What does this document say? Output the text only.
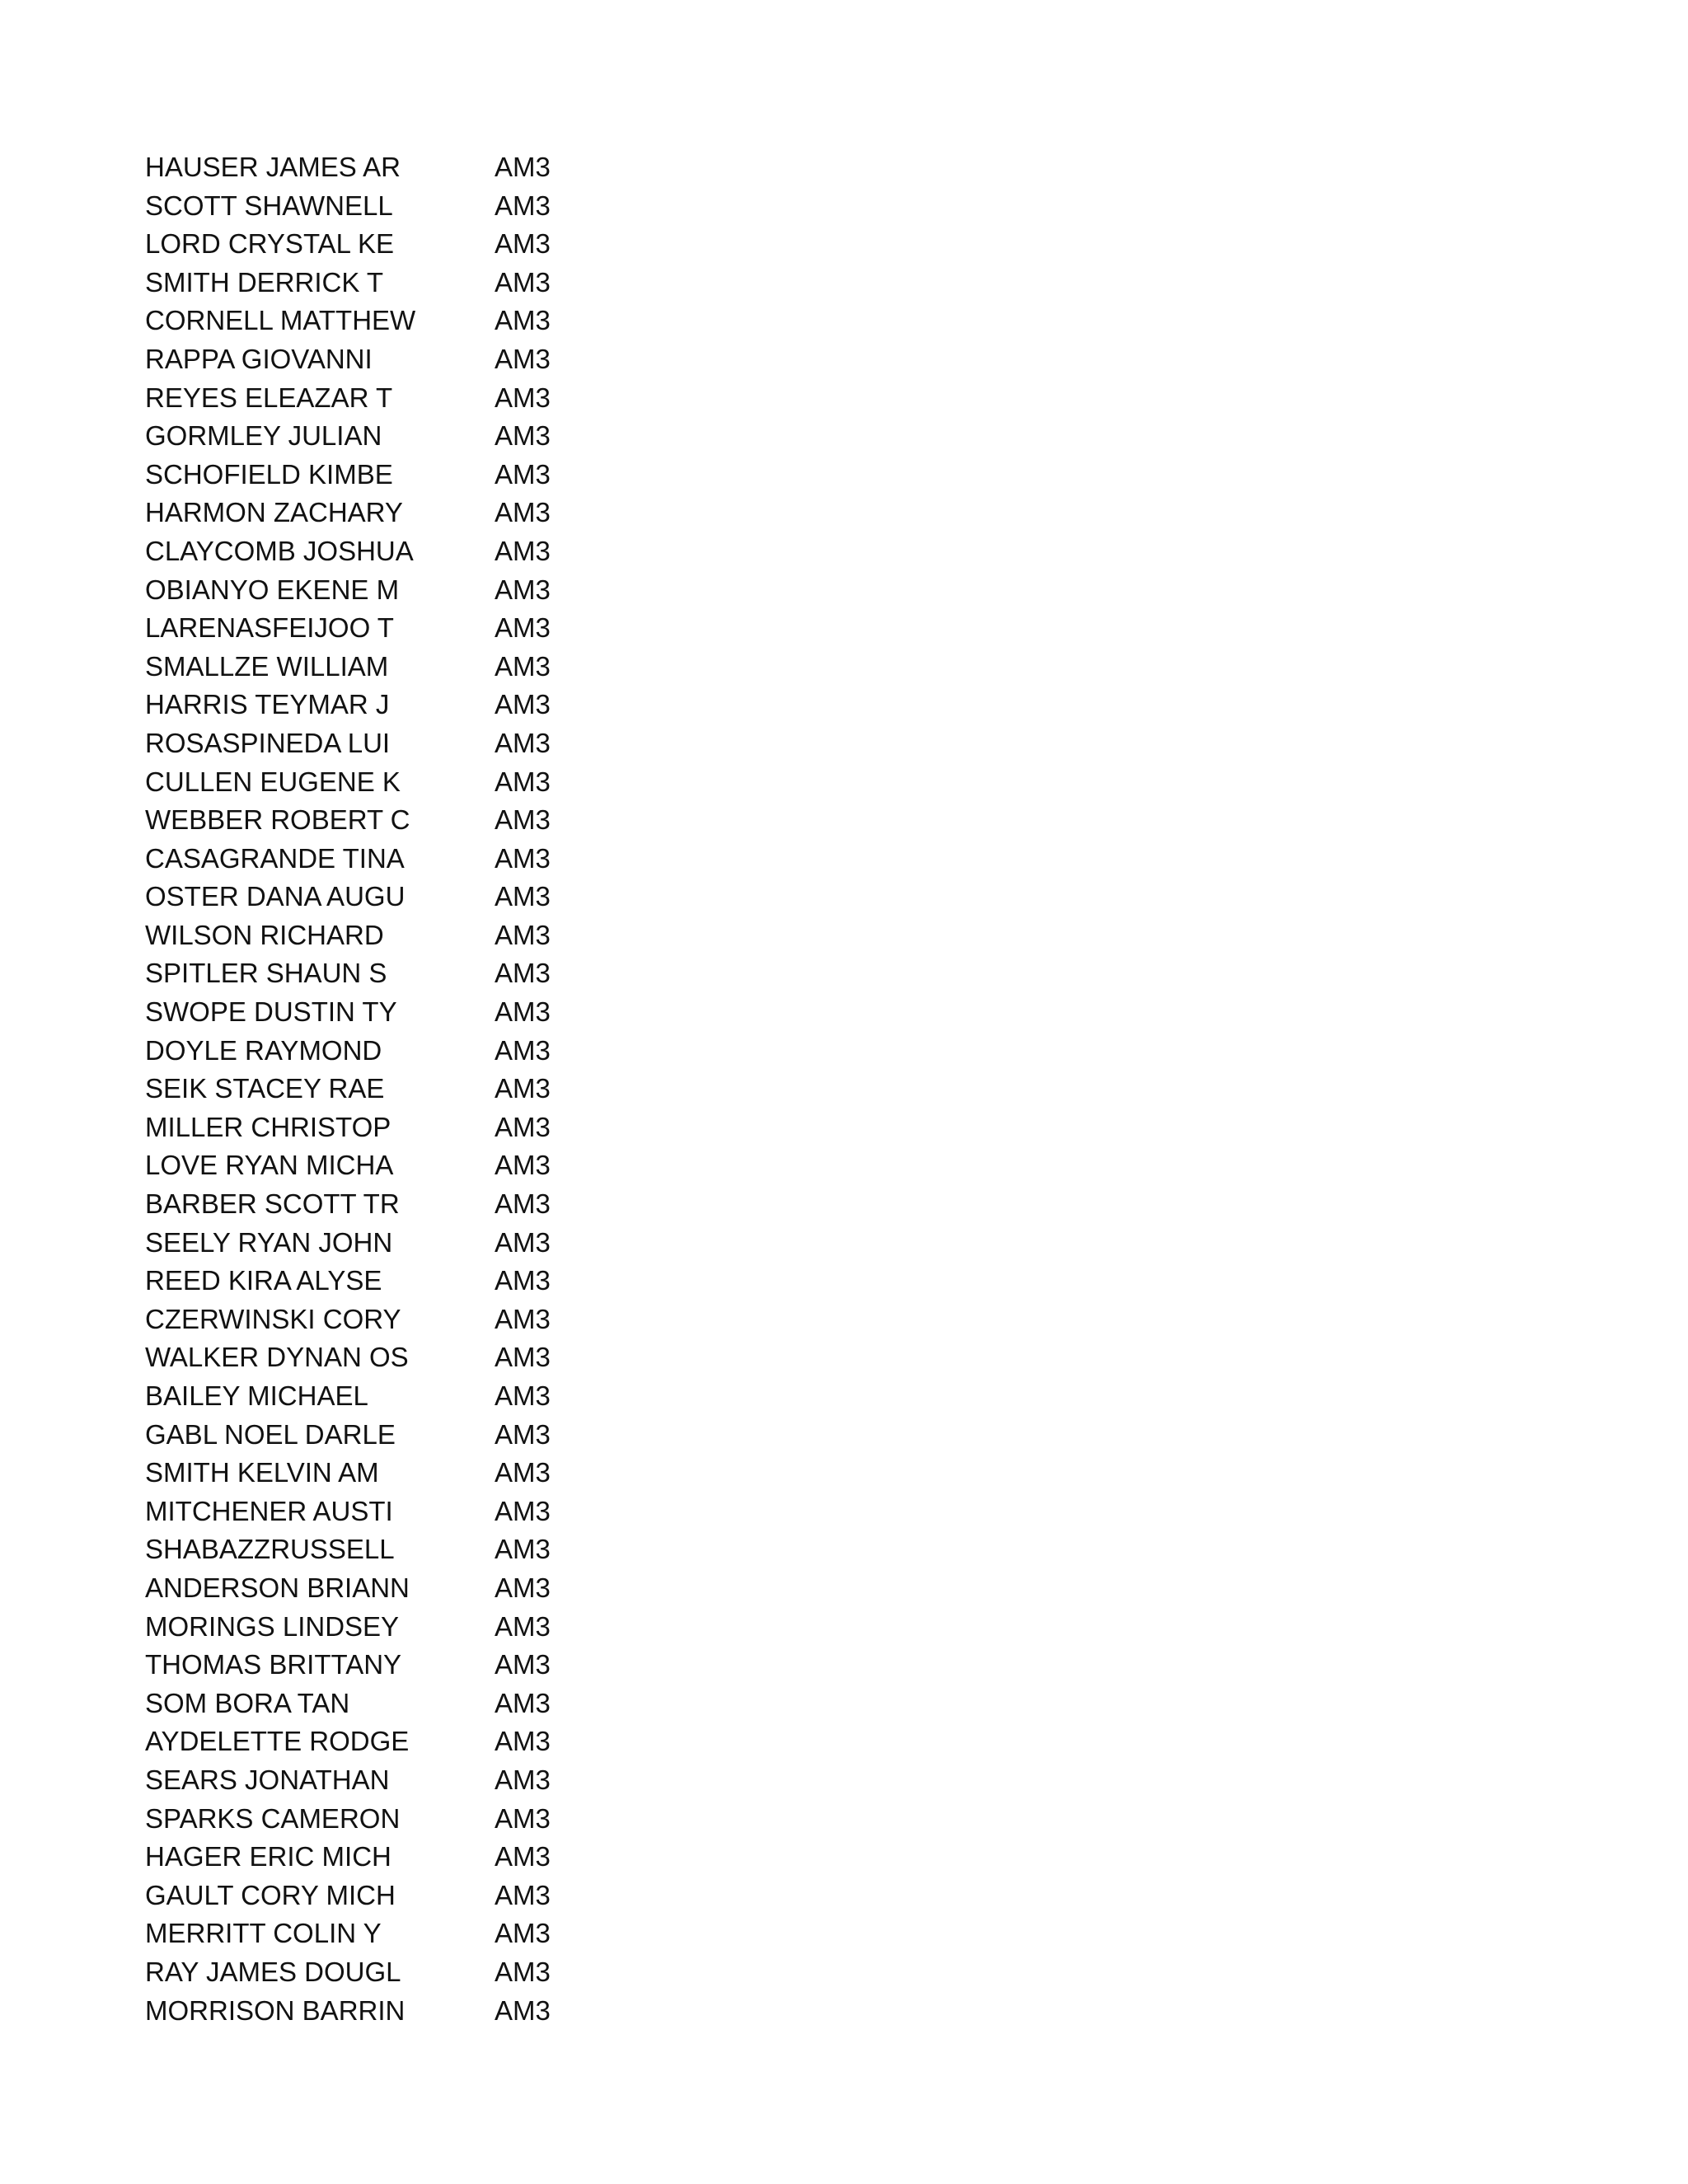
HAUSER JAMES AR	AM3
SCOTT SHAWNELL	AM3
LORD CRYSTAL KE	AM3
SMITH DERRICK T	AM3
CORNELL MATTHEW	AM3
RAPPA GIOVANNI	AM3
REYES ELEAZAR T	AM3
GORMLEY JULIAN	AM3
SCHOFIELD KIMBE	AM3
HARMON ZACHARY	AM3
CLAYCOMB JOSHUA	AM3
OBIANYO EKENE M	AM3
LARENASFEIJOO T	AM3
SMALLZE WILLIAM	AM3
HARRIS TEYMAR J	AM3
ROSASPINEDA LUI	AM3
CULLEN EUGENE K	AM3
WEBBER ROBERT C	AM3
CASAGRANDE TINA	AM3
OSTER DANA AUGU	AM3
WILSON RICHARD	AM3
SPITLER SHAUN S	AM3
SWOPE DUSTIN TY	AM3
DOYLE RAYMOND	AM3
SEIK STACEY RAE	AM3
MILLER CHRISTOP	AM3
LOVE RYAN MICHA	AM3
BARBER SCOTT TR	AM3
SEELY RYAN JOHN	AM3
REED KIRA ALYSE	AM3
CZERWINSKI CORY	AM3
WALKER DYNAN OS	AM3
BAILEY MICHAEL	AM3
GABL NOEL DARLE	AM3
SMITH KELVIN AM	AM3
MITCHENER AUSTI	AM3
SHABAZZRUSSELL	AM3
ANDERSON BRIANN	AM3
MORINGS LINDSEY	AM3
THOMAS BRITTANY	AM3
SOM BORA TAN	AM3
AYDELETTE RODGE	AM3
SEARS JONATHAN	AM3
SPARKS CAMERON	AM3
HAGER ERIC MICH	AM3
GAULT CORY MICH	AM3
MERRITT COLIN Y	AM3
RAY JAMES DOUGL	AM3
MORRISON BARRIN	AM3
